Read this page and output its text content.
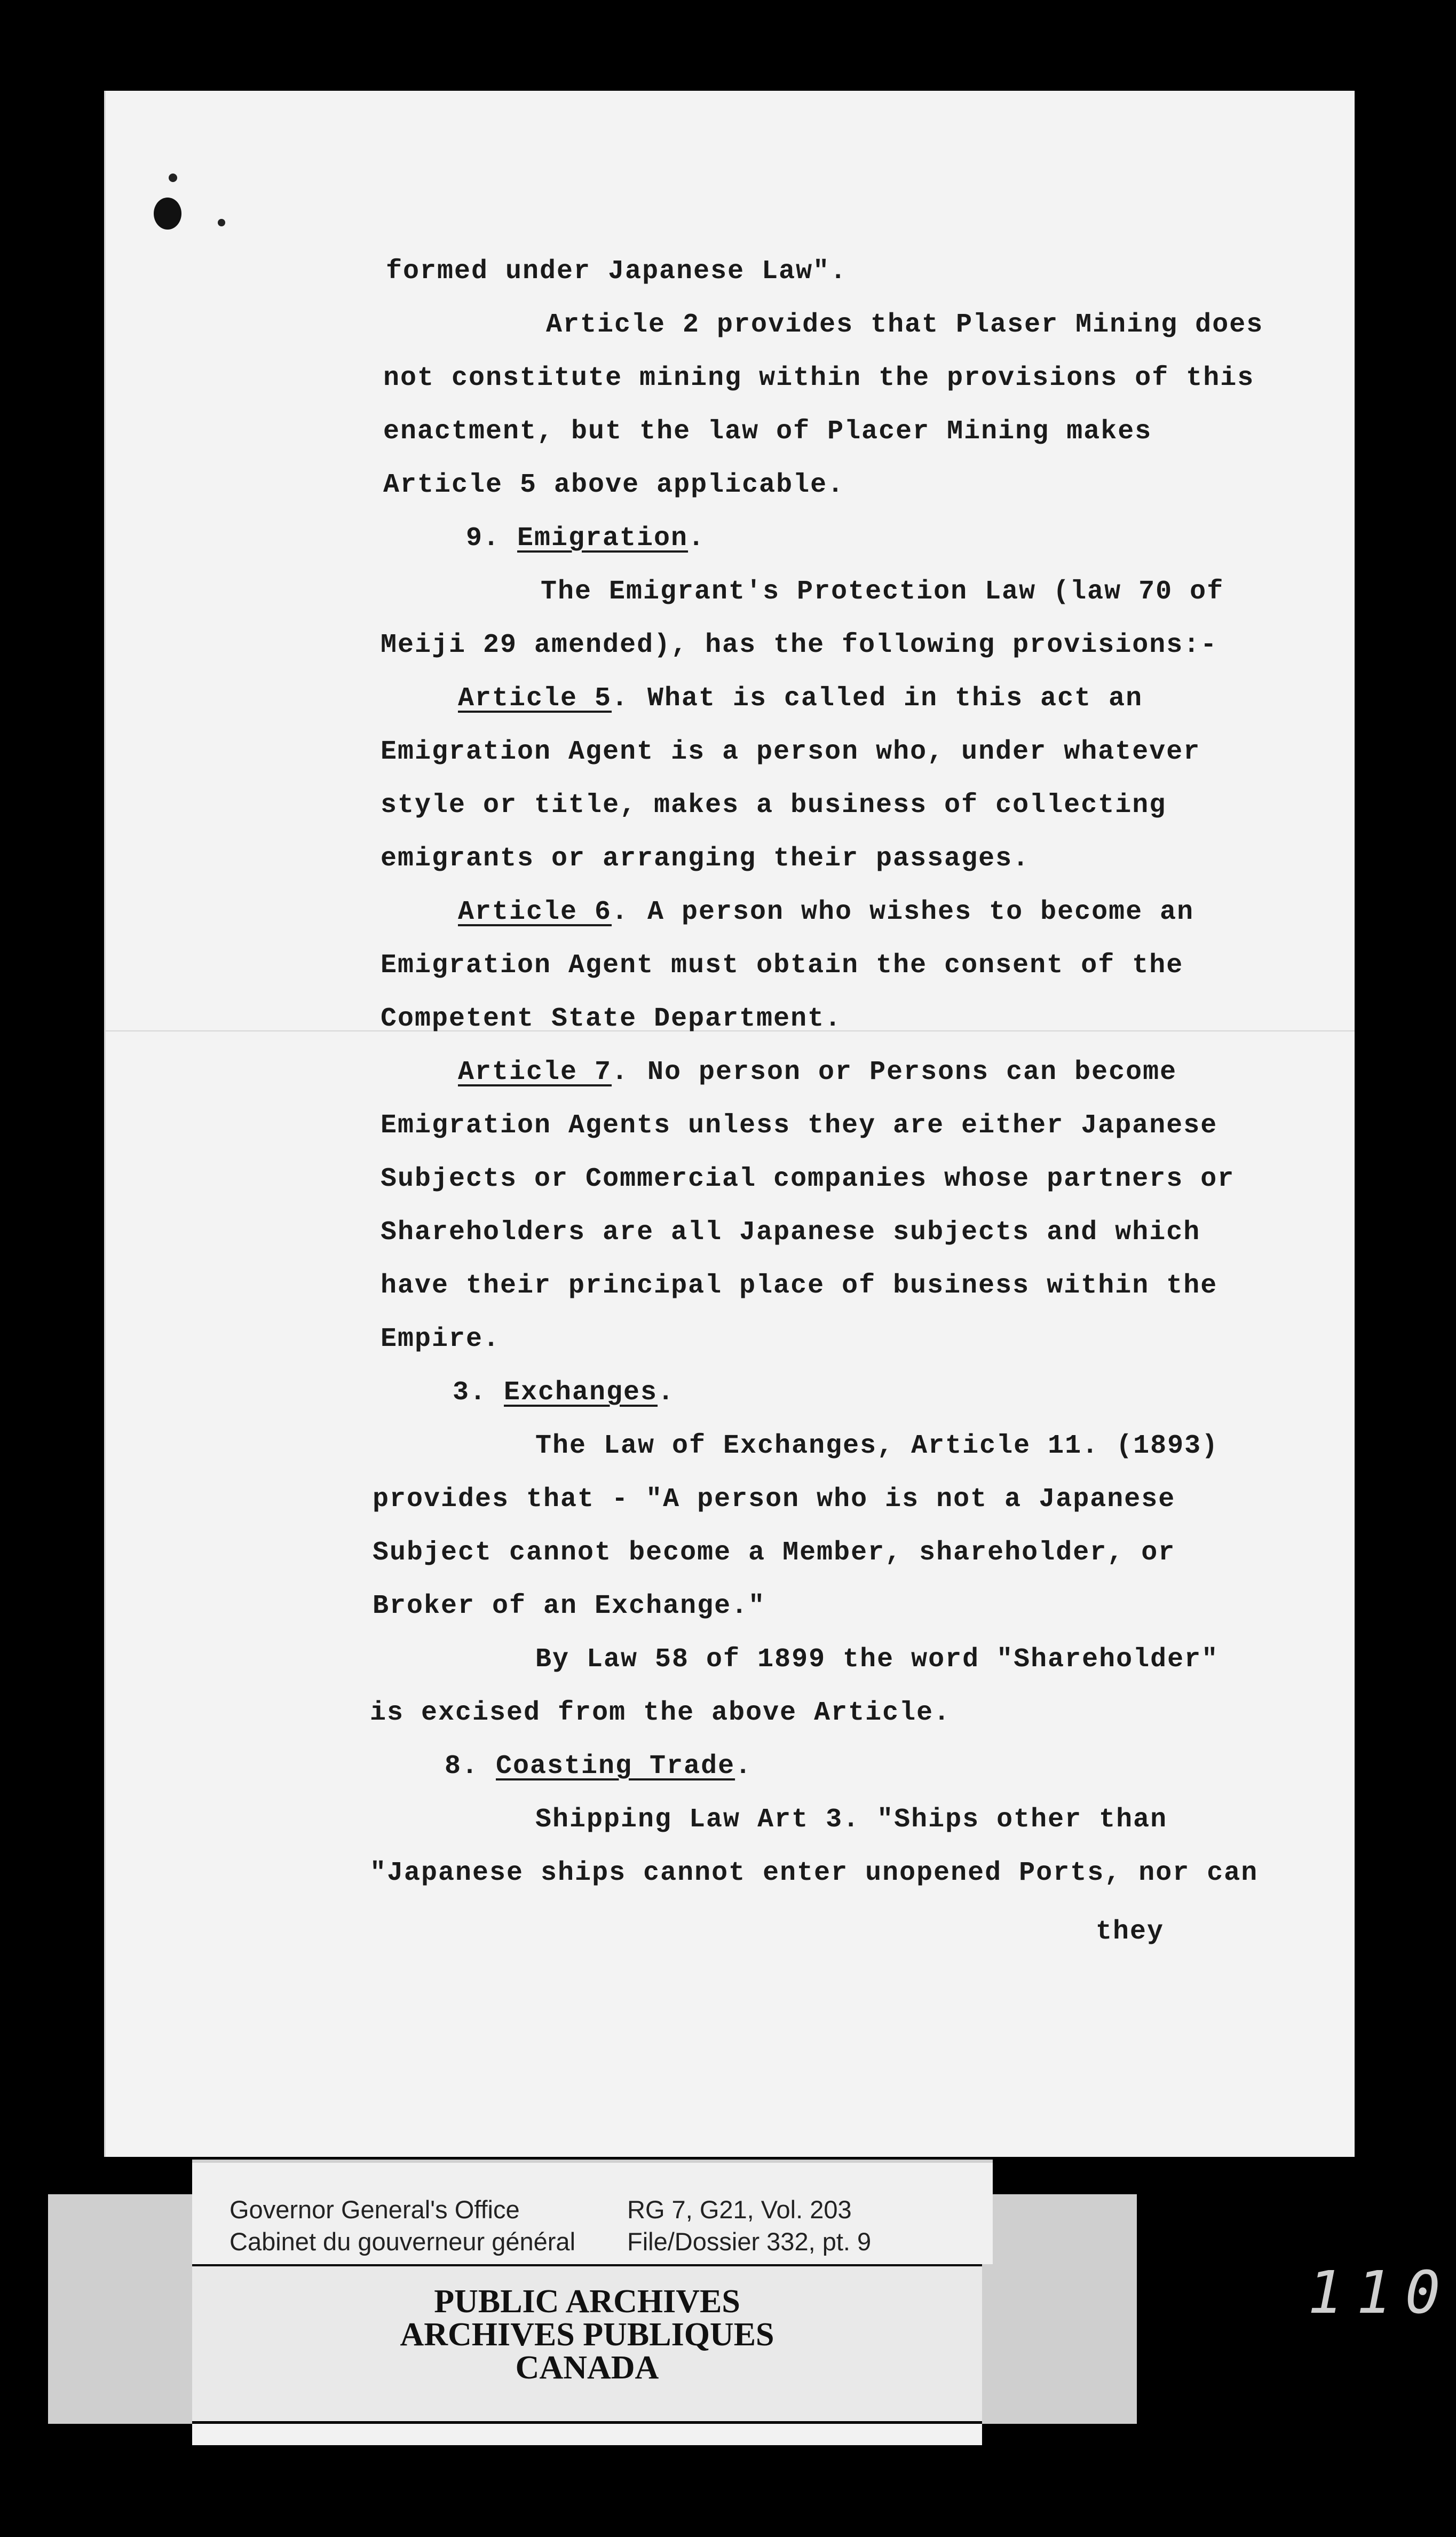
formed under Japanese Law".
Article 2 provides that Plaser Mining does
not constitute mining within the provisions of this
enactment, but the law of Placer Mining makes
Article 5 above applicable.
The Emigrant's Protection Law (law 70 of
Meiji 29 amended), has the following provisions:-
What is called in this act an
Emigration Agent is a person who, under whatever
style or title, makes a business of collecting
emigrants or arranging their passages.
A person who wishes to become an
Emigration Agent must obtain the consent of the
Competent State Department.
No person or Persons can become
Emigration Agents unless they are either Japanese
Subjects or Commercial companies whose partners or
Shareholders are all Japanese subjects and which
have their principal place of business within the
Empire.
The Law of Exchanges, Article 11. (1893)
provides that - "A person who is not a Japanese
Subject cannot become a Member, shareholder, or
Broker of an Exchange."
By Law 58 of 1899 the word "Shareholder"
is excised from the above Article.
Shipping Law Art 3. "Ships other than
"Japanese ships cannot enter unopened Ports, nor can
they
9. Emigration.
3. Exchanges.
8. Coasting Trade.
Article 5.
Article 6.
Article 7.
Governor General's Office
Cabinet du gouverneur général
RG 7, G21, Vol. 203
File/Dossier 332, pt. 9
PUBLIC ARCHIVES
ARCHIVES PUBLIQUES
CANADA
110
